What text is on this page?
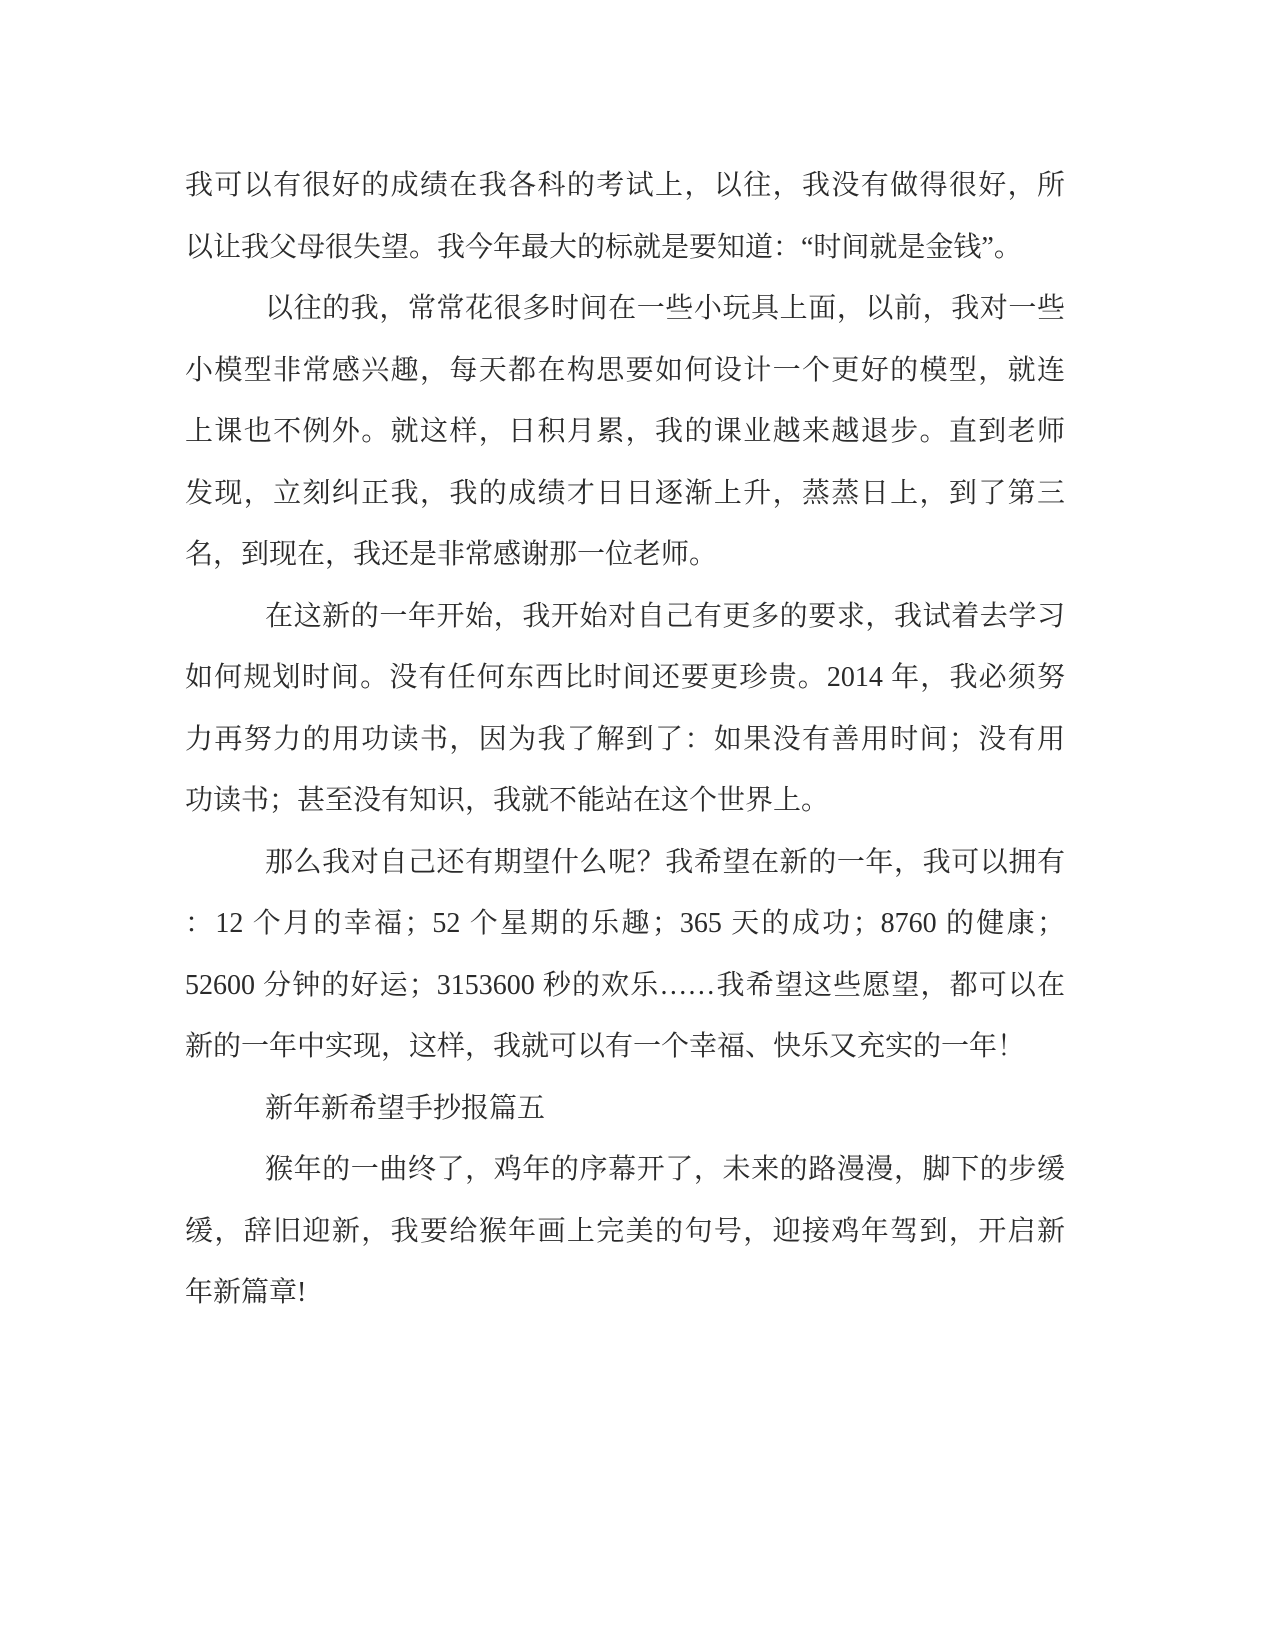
我可以有很好的成绩在我各科的考试上，以往，我没有做得很好，所
以让我父母很失望。我今年最大的标就是要知道：“时间就是金钱”。
以往的我，常常花很多时间在一些小玩具上面，以前，我对一些
小模型非常感兴趣，每天都在构思要如何设计一个更好的模型，就连
上课也不例外。就这样，日积月累，我的课业越来越退步。直到老师
发现，立刻纠正我，我的成绩才日日逐渐上升，蒸蒸日上，到了第三
名，到现在，我还是非常感谢那一位老师。
在这新的一年开始，我开始对自己有更多的要求，我试着去学习
如何规划时间。没有任何东西比时间还要更珍贵。2014 年，我必须努
力再努力的用功读书，因为我了解到了：如果没有善用时间；没有用
功读书；甚至没有知识，我就不能站在这个世界上。
那么我对自己还有期望什么呢？我希望在新的一年，我可以拥有
：12 个月的幸福；52 个星期的乐趣；365 天的成功；8760 的健康；
52600 分钟的好运；3153600 秒的欢乐……我希望这些愿望，都可以在
新的一年中实现，这样，我就可以有一个幸福、快乐又充实的一年！
新年新希望手抄报篇五
猴年的一曲终了，鸡年的序幕开了，未来的路漫漫，脚下的步缓
缓，辞旧迎新，我要给猴年画上完美的句号，迎接鸡年驾到，开启新
年新篇章!
